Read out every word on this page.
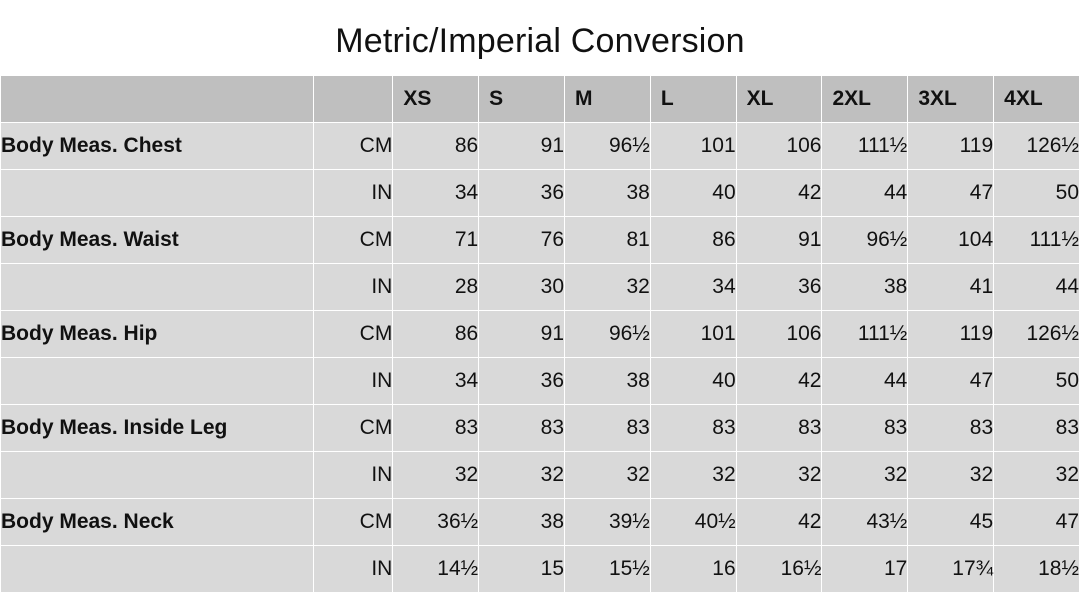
Metric/Imperial Conversion
		XS	S	M	L	XL	2XL	3XL	4XL
Body Meas. Chest	CM	86	91	96½	101	106	111½	119	126½
	IN	34	36	38	40	42	44	47	50
Body Meas. Waist	CM	71	76	81	86	91	96½	104	111½
	IN	28	30	32	34	36	38	41	44
Body Meas. Hip	CM	86	91	96½	101	106	111½	119	126½
	IN	34	36	38	40	42	44	47	50
Body Meas. Inside Leg	CM	83	83	83	83	83	83	83	83
	IN	32	32	32	32	32	32	32	32
Body Meas. Neck	CM	36½	38	39½	40½	42	43½	45	47
	IN	14½	15	15½	16	16½	17	17¾	18½
